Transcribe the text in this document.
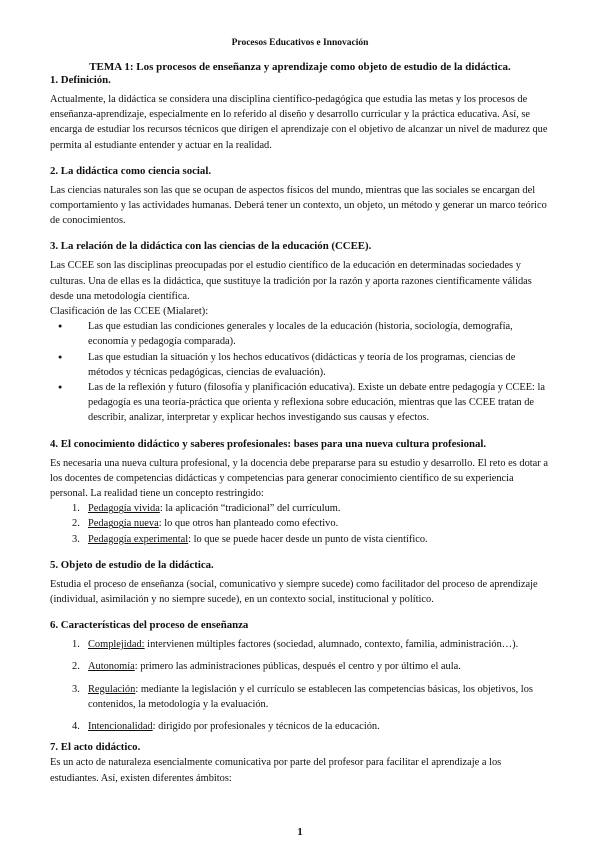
Procesos Educativos e Innovación
TEMA 1: Los procesos de enseñanza y aprendizaje como objeto de estudio de la didáctica.
1. Definición.

Actualmente, la didáctica se considera una disciplina científico-pedagógica que estudia las metas y los procesos de enseñanza-aprendizaje, especialmente en lo referido al diseño y desarrollo curricular y la práctica educativa. Así, se encarga de estudiar los recursos técnicos que dirigen el aprendizaje con el objetivo de alcanzar un nivel de madurez que permita al estudiante entender y actuar en la realidad.

2. La didáctica como ciencia social.

Las ciencias naturales son las que se ocupan de aspectos físicos del mundo, mientras que las sociales se encargan del comportamiento y las actividades humanas. Deberá tener un contexto, un objeto, un método y generar un marco teórico de conocimientos.

3. La relación de la didáctica con las ciencias de la educación (CCEE).

Las CCEE son las disciplinas preocupadas por el estudio científico de la educación en determinadas sociedades y culturas. Una de ellas es la didáctica, que sustituye la tradición por la razón y aporta razones científicamente válidas desde una metodología científica.

Clasificación de las CCEE (Mialaret):

● Las que estudian las condiciones generales y locales de la educación (historia, sociología, demografía, economía y pedagogía comparada).
● Las que estudian la situación y los hechos educativos (didácticas y teoría de los programas, ciencias de métodos y técnicas pedagógicas, ciencias de evaluación).
● Las de la reflexión y futuro (filosofía y planificación educativa). Existe un debate entre pedagogía y CCEE: la pedagogía es una teoría-práctica que orienta y reflexiona sobre educación, mientras que las CCEE tratan de describir, analizar, interpretar y explicar hechos investigando sus causas y efectos.
4. El conocimiento didáctico y saberes profesionales: bases para una nueva cultura profesional.

Es necesaria una nueva cultura profesional, y la docencia debe prepararse para su estudio y desarrollo. El reto es dotar a los docentes de competencias didácticas y competencias para generar conocimiento científico de su experiencia personal. La realidad tiene un concepto restringido:

1. Pedagogía vivida: la aplicación “tradicional” del currículum.
2. Pedagogía nueva: lo que otros han planteado como efectivo.
3. Pedagogía experimental: lo que se puede hacer desde un punto de vista científico.
5. Objeto de estudio de la didáctica.

Estudia el proceso de enseñanza (social, comunicativo y siempre sucede) como facilitador del proceso de aprendizaje (individual, asimilación y no siempre sucede), en un contexto social, institucional y político.

6. Características del proceso de enseñanza
1. Complejidad: intervienen múltiples factores (sociedad, alumnado, contexto, familia, administración…).
2. Autonomía: primero las administraciones públicas, después el centro y por último el aula.
3. Regulación: mediante la legislación y el currículo se establecen las competencias básicas, los objetivos, los contenidos, la metodología y la evaluación.
4. Intencionalidad: dirigido por profesionales y técnicos de la educación.
7. El acto didáctico.

Es un acto de naturaleza esencialmente comunicativa por parte del profesor para facilitar el aprendizaje a los estudiantes. Así, existen diferentes ámbitos:

1
